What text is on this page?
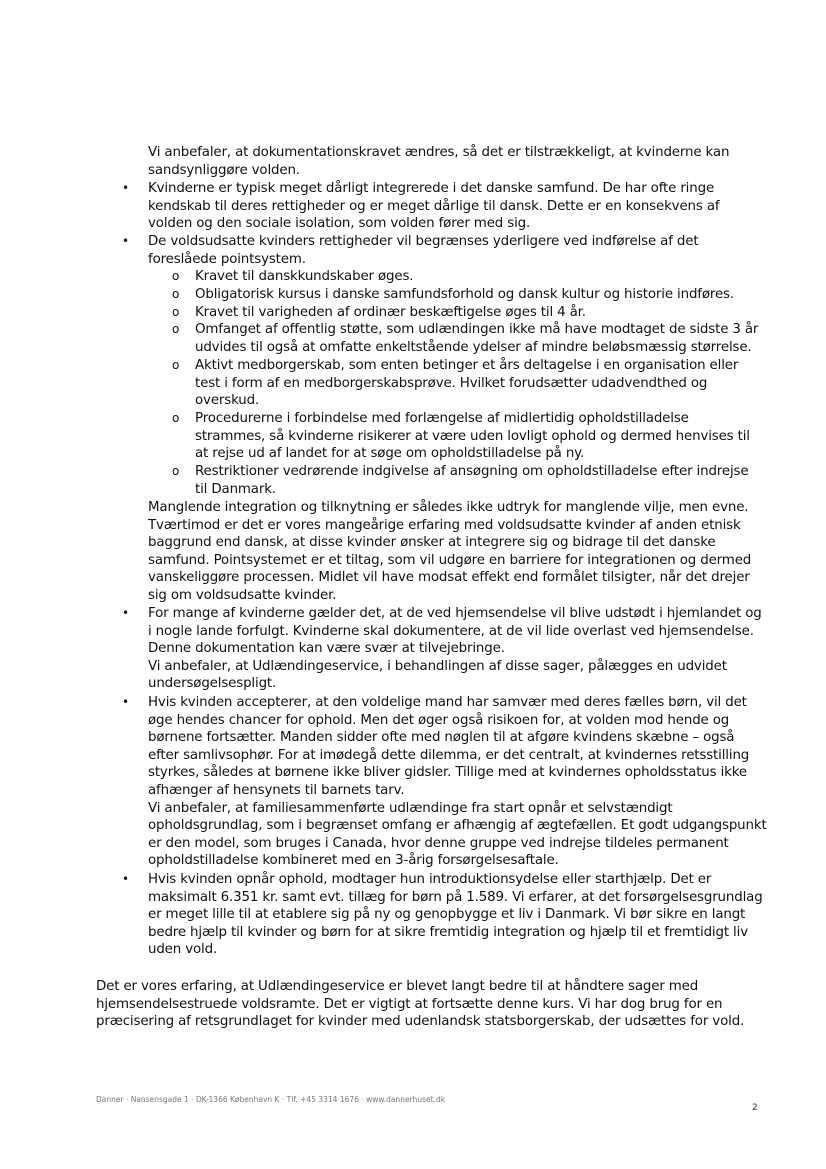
Vi anbefaler, at dokumentationskravet ændres, så det er tilstrækkeligt, at kvinderne kan
sandsynliggøre volden.
•	Kvinderne er typisk meget dårligt integrerede i det danske samfund. De har ofte ringe
kendskab til deres rettigheder og er meget dårlige til dansk. Dette er en konsekvens af
volden og den sociale isolation, som volden fører med sig.
•	De voldsudsatte kvinders rettigheder vil begrænses yderligere ved indførelse af det
foreslåede pointsystem.
o Kravet til danskkundskaber øges.
o Obligatorisk kursus i danske samfundsforhold og dansk kultur og historie indføres.
o Kravet til varigheden af ordinær beskæftigelse øges til 4 år.
o Omfanget af offentlig støtte, som udlændingen ikke må have modtaget de sidste 3 år
udvides til også at omfatte enkeltstående ydelser af mindre beløbsmæssig størrelse.
o Aktivt medborgerskab, som enten betinger et års deltagelse i en organisation eller
test i form af en medborgerskabsprøve. Hvilket forudsætter udadvendthed og
overskud.
o Procedurerne i forbindelse med forlængelse af midlertidig opholdstilladelse
strammes, så kvinderne risikerer at være uden lovligt ophold og dermed henvises til
at rejse ud af landet for at søge om opholdstilladelse på ny.
o Restriktioner vedrørende indgivelse af ansøgning om opholdstilladelse efter indrejse
til Danmark.
Manglende integration og tilknytning er således ikke udtryk for manglende vilje, men evne.
Tværtimod er det er vores mangeårige erfaring med voldsudsatte kvinder af anden etnisk
baggrund end dansk, at disse kvinder ønsker at integrere sig og bidrage til det danske
samfund. Pointsystemet er et tiltag, som vil udgøre en barriere for integrationen og dermed
vanskeliggøre processen. Midlet vil have modsat effekt end formålet tilsigter, når det drejer
sig om voldsudsatte kvinder.
•	For mange af kvinderne gælder det, at de ved hjemsendelse vil blive udstødt i hjemlandet og
i nogle lande forfulgt. Kvinderne skal dokumentere, at de vil lide overlast ved hjemsendelse.
Denne dokumentation kan være svær at tilvejebringe.
Vi anbefaler, at Udlændingeservice, i behandlingen af disse sager, pålægges en udvidet
undersøgelsespligt.
•	Hvis kvinden accepterer, at den voldelige mand har samvær med deres fælles børn, vil det
øge hendes chancer for ophold. Men det øger også risikoen for, at volden mod hende og
børnene fortsætter. Manden sidder ofte med nøglen til at afgøre kvindens skæbne – også
efter samlivsophør. For at imødegå dette dilemma, er det centralt, at kvindernes retsstilling
styrkes, således at børnene ikke bliver gidsler. Tillige med at kvindernes opholdsstatus ikke
afhænger af hensynets til barnets tarv.
Vi anbefaler, at familiesammenførte udlændinge fra start opnår et selvstændigt
opholdsgrundlag, som i begrænset omfang er afhængig af ægtefællen. Et godt udgangspunkt
er den model, som bruges i Canada, hvor denne gruppe ved indrejse tildeles permanent
opholdstilladelse kombineret med en 3-årig forsørgelsesaftale.
•	Hvis kvinden opnår ophold, modtager hun introduktionsydelse eller starthjælp. Det er
maksimalt 6.351 kr. samt evt. tillæg for børn på 1.589. Vi erfarer, at det forsørgelsesgrundlag
er meget lille til at etablere sig på ny og genopbygge et liv i Danmark. Vi bør sikre en langt
bedre hjælp til kvinder og børn for at sikre fremtidig integration og hjælp til et fremtidigt liv
uden vold.
Det er vores erfaring, at Udlændingeservice er blevet langt bedre til at håndtere sager med
hjemsendelsestruede voldsramte. Det er vigtigt at fortsætte denne kurs. Vi har dog brug for en
præcisering af retsgrundlaget for kvinder med udenlandsk statsborgerskab, der udsættes for vold.
Danner · Nansensgade 1 · DK-1366 København K · Tlf. +45 3314 1676 · www.dannerhuset.dk
2
